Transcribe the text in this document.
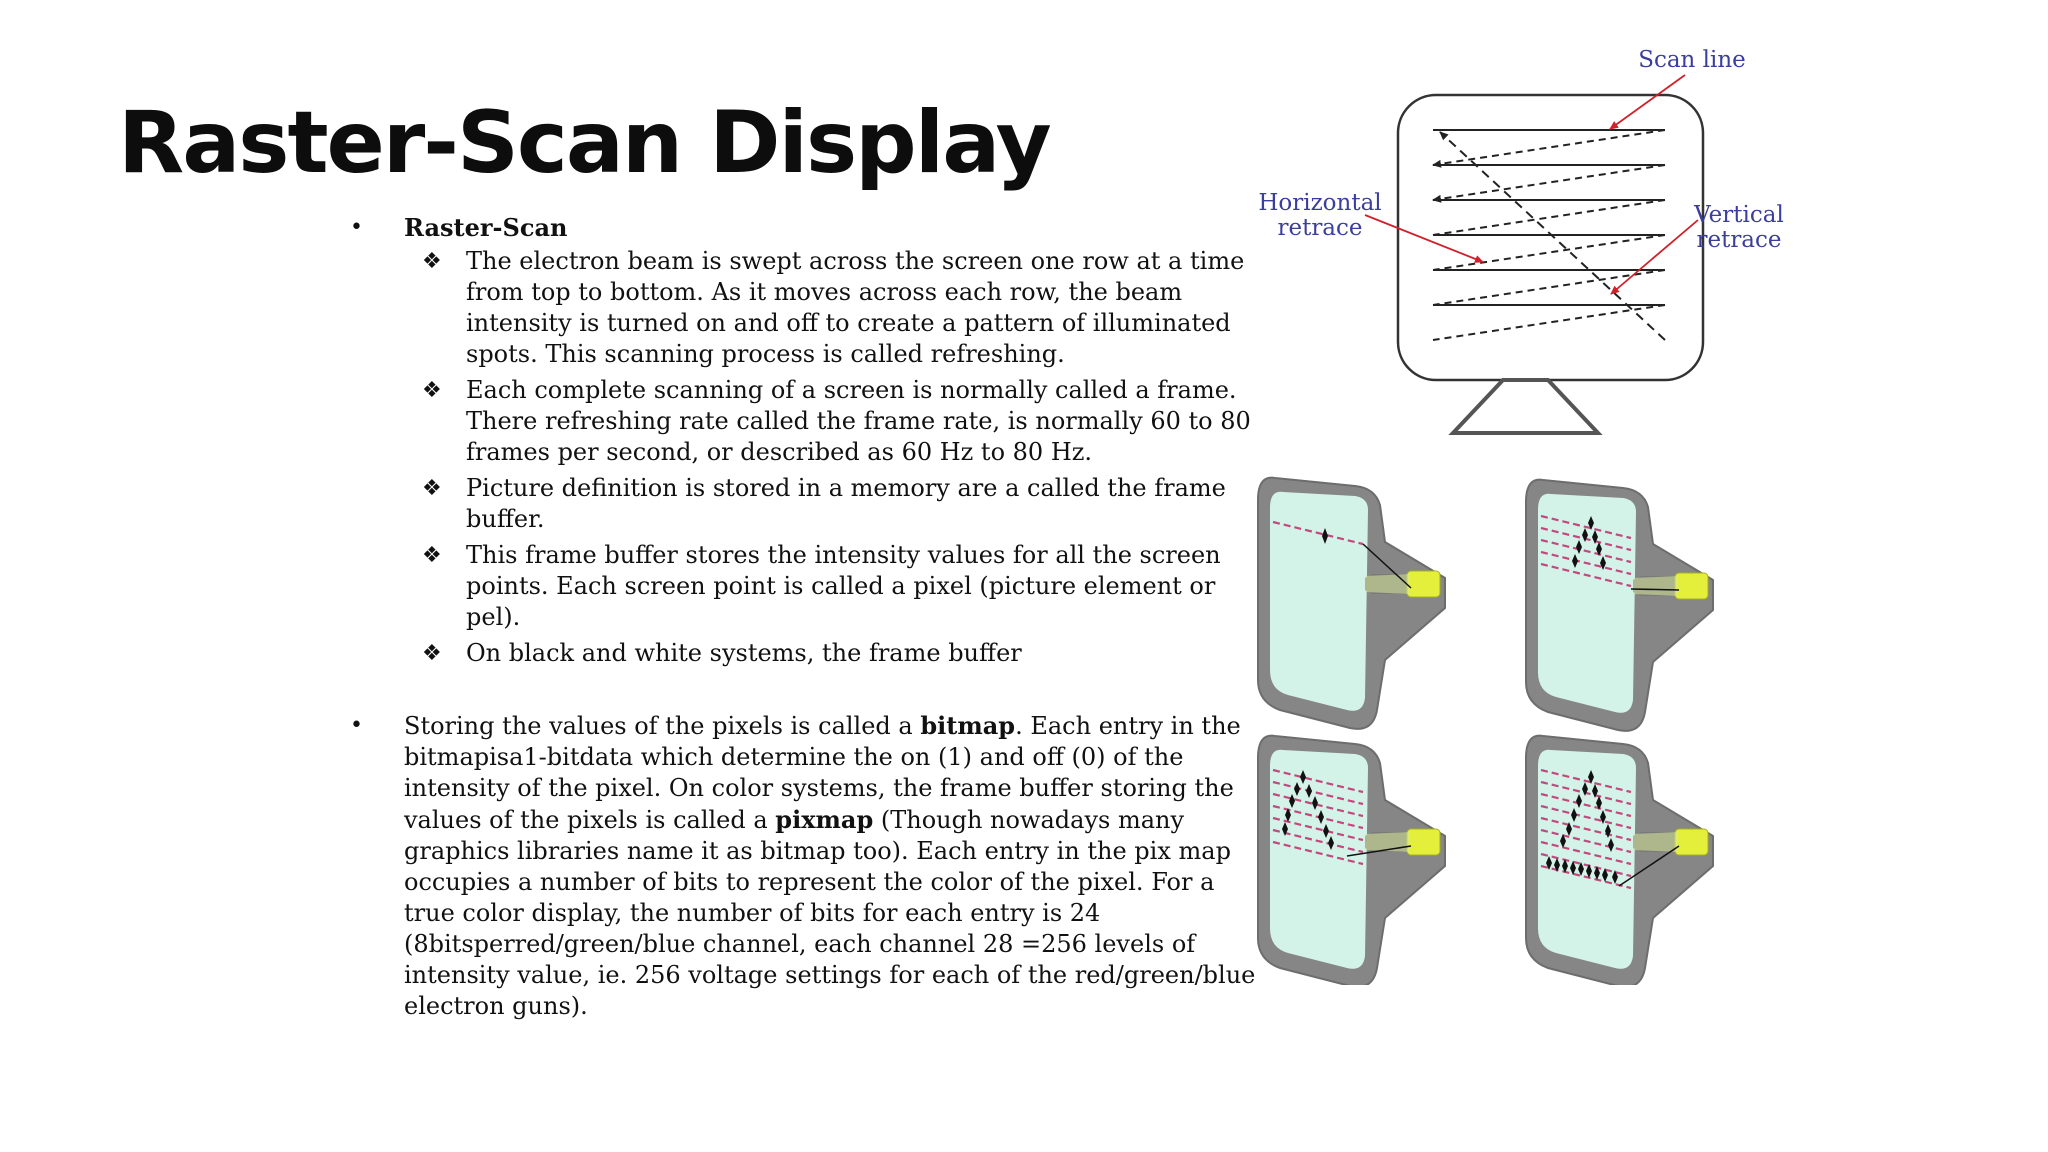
Raster-Scan Display

• Raster-Scan

❖ The electron beam is swept across the screen one row at a time from top to bottom. As it moves across each row, the beam intensity is turned on and off to create a pattern of illuminated spots. This scanning process is called refreshing.

❖ Each complete scanning of a screen is normally called a frame. There refreshing rate called the frame rate, is normally 60 to 80 frames per second, or described as 60 Hz to 80 Hz.

❖ Picture definition is stored in a memory are a called the frame buffer.

❖ This frame buffer stores the intensity values for all the screen points. Each screen point is called a pixel (picture element or pel).

❖ On black and white systems, the frame buffer

• Storing the values of the pixels is called a bitmap. Each entry in the bitmapisa1-bitdata which determine the on (1) and off (0) of the intensity of the pixel. On color systems, the frame buffer storing the values of the pixels is called a pixmap (Though nowadays many graphics libraries name it as bitmap too). Each entry in the pix map occupies a number of bits to represent the color of the pixel. For a true color display, the number of bits for each entry is 24 (8bitsperred/green/blue channel, each channel 28 =256 levels of intensity value, ie. 256 voltage settings for each of the red/green/blue electron guns).

Scan line
Horizontal
retrace	Vertical
retrace
